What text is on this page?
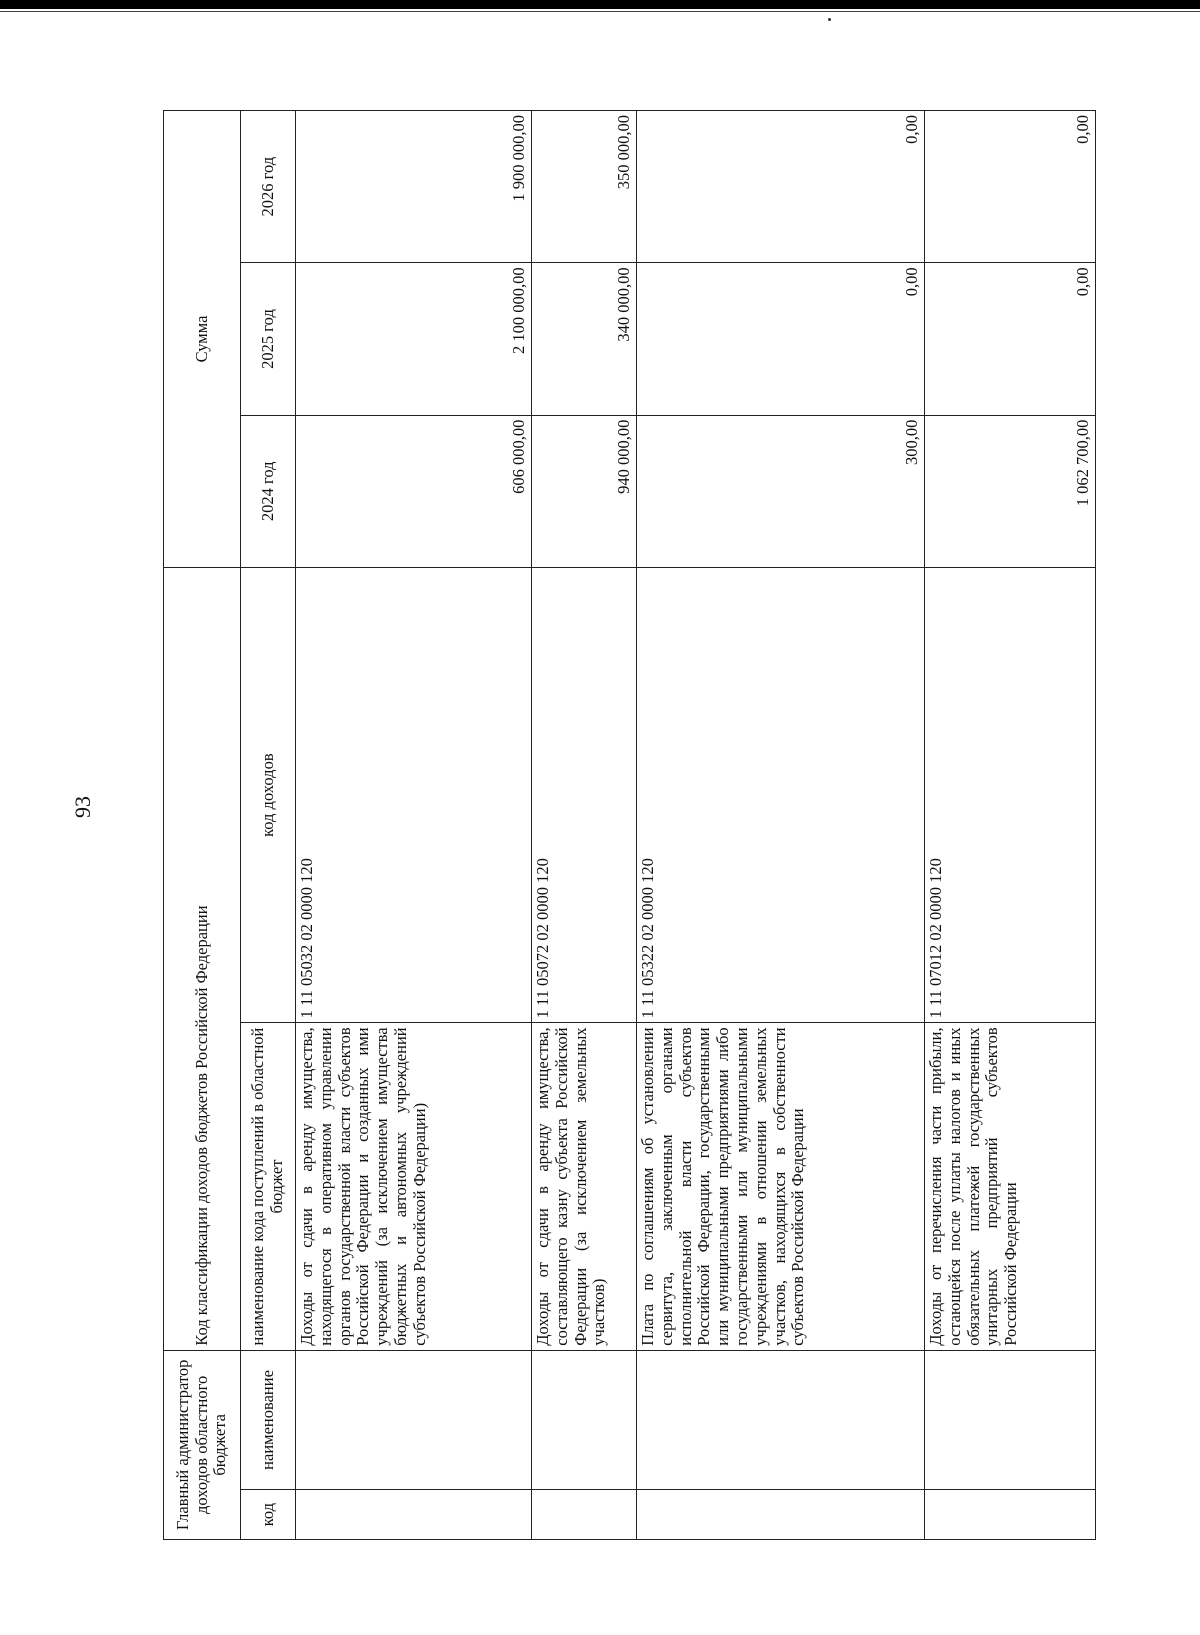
93
Главный администратор доходов областного бюджета		Код классификации доходов бюджетов Российской Федерации		Сумма		
код	наименование	наименование кода поступлений в областной бюджет	код доходов	2024 год	2025 год	2026 год
		Доходы от сдачи в аренду имущества, находящегося в оперативном управлении органов государственной власти субъектов Российской Федерации и созданных ими учреждений (за исключением имущества бюджетных и автономных учреждений субъектов Российской Федерации)	1 11 05032 02 0000 120	606 000,00	2 100 000,00	1 900 000,00
		Доходы от сдачи в аренду имущества, составляющего казну субъекта Российской Федерации (за исключением земельных участков)	1 11 05072 02 0000 120	940 000,00	340 000,00	350 000,00
		Плата по соглашениям об установлении сервитута, заключенным органами исполнительной власти субъектов Российской Федерации, государственными или муниципальными предприятиями либо государственными или муниципальными учреждениями в отношении земельных участков, находящихся в собственности субъектов Российской Федерации	1 11 05322 02 0000 120	300,00	0,00	0,00
		Доходы от перечисления части прибыли, остающейся после уплаты налогов и иных обязательных платежей государственных унитарных предприятий субъектов Российской Федерации	1 11 07012 02 0000 120	1 062 700,00	0,00	0,00
